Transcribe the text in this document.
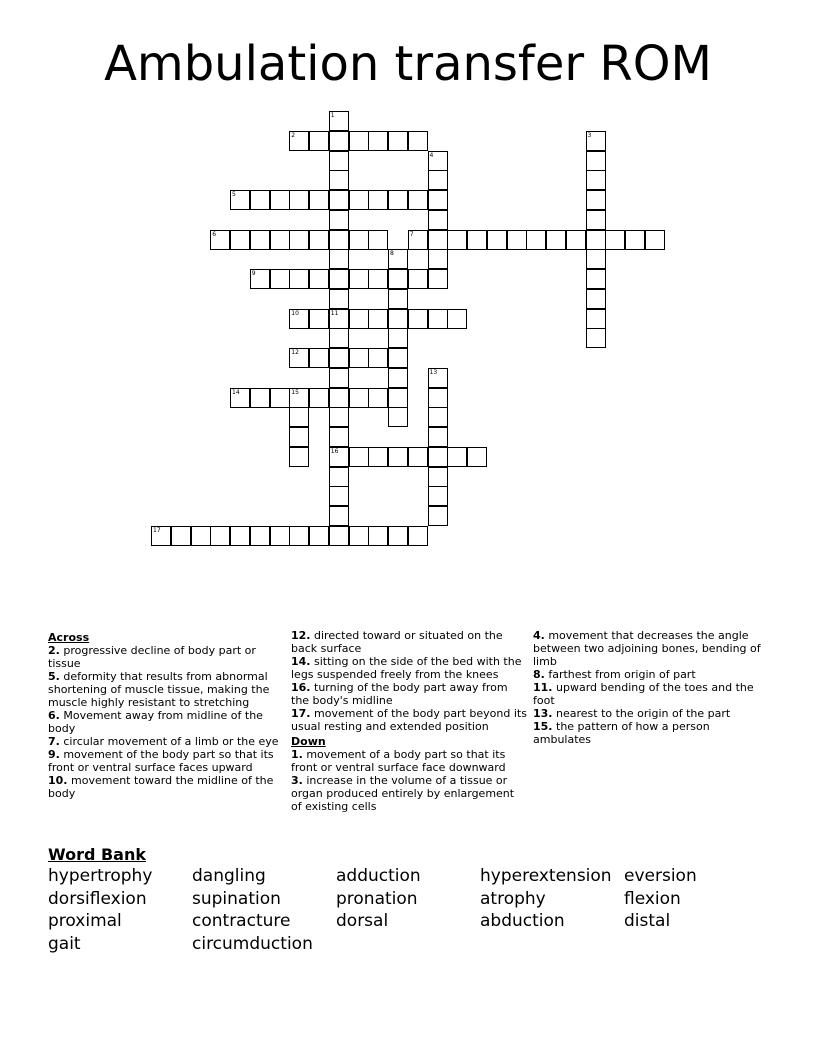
Ambulation transfer ROM
1
2	3
4
5
6	7
8
9
10	11
12
13
14	15
16
17
Across
2. progressive decline of body part or tissue
5. deformity that results from abnormal shortening of muscle tissue, making the muscle highly resistant to stretching
6. Movement away from midline of the body
7. circular movement of a limb or the eye
9. movement of the body part so that its front or ventral surface faces upward
10. movement toward the midline of the body
12. directed toward or situated on the back surface
14. sitting on the side of the bed with the legs suspended freely from the knees
16. turning of the body part away from the body's midline
17. movement of the body part beyond its usual resting and extended position
Down
1. movement of a body part so that its front or ventral surface face downward
3. increase in the volume of a tissue or organ produced entirely by enlargement of existing cells
4. movement that decreases the angle between two adjoining bones, bending of limb
8. farthest from origin of part
11. upward bending of the toes and the foot
13. nearest to the origin of the part
15. the pattern of how a person ambulates
Word Bank
hypertrophy	dangling	adduction	hyperextension eversion
dorsiflexion	supination	pronation	atrophy	flexion
proximal	contracture	dorsal	abduction	distal
gait	circumduction
